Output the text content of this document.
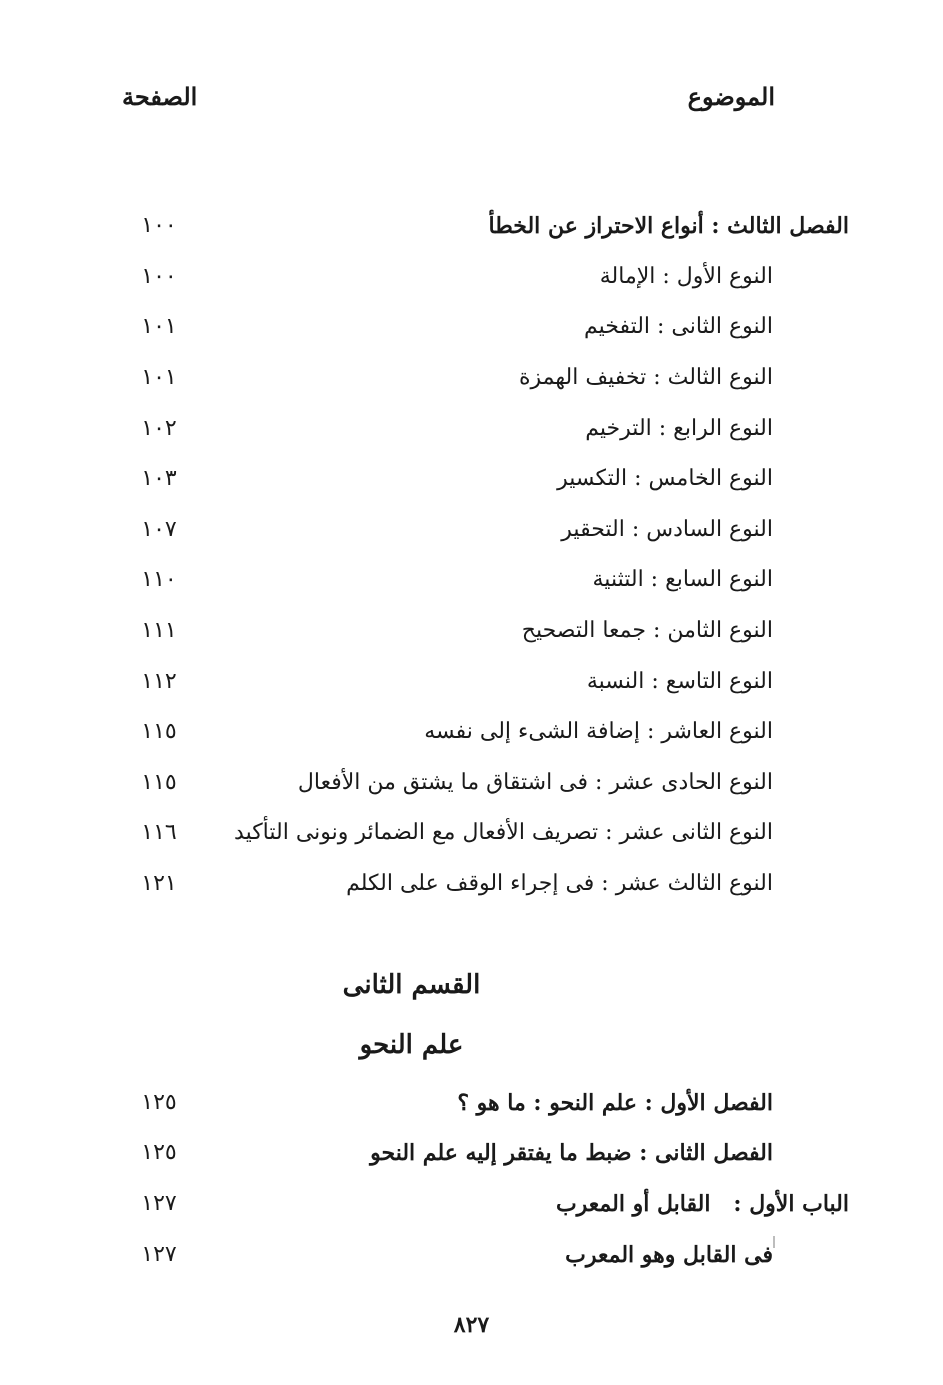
الموضوع
الصفحة
الفصل الثالث : أنواع الاحتراز عن الخطأ
١٠٠
النوع الأول : الإمالة
١٠٠
النوع الثانى : التفخيم
١٠١
النوع الثالث : تخفيف الهمزة
١٠١
النوع الرابع : الترخيم
١٠٢
النوع الخامس : التكسير
١٠٣
النوع السادس : التحقير
١٠٧
النوع السابع : التثنية
١١٠
النوع الثامن : جمعا التصحيح
١١١
النوع التاسع : النسبة
١١٢
النوع العاشر : إضافة الشىء إلى نفسه
١١٥
النوع الحادى عشر : فى اشتقاق ما يشتق من الأفعال
١١٥
النوع الثانى عشر : تصريف الأفعال مع الضمائر ونونى التأكيد
١١٦
النوع الثالث عشر : فى إجراء الوقف على الكلم
١٢١
القسم الثانى
علم النحو
الفصل الأول : علم النحو : ما هو ؟
١٢٥
الفصل الثانى : ضبط ما يفتقر إليه علم النحو
١٢٥
الباب الأول :   القابل أو المعرب
١٢٧
فى القابل وهو المعرب
١٢٧
٨٢٧
